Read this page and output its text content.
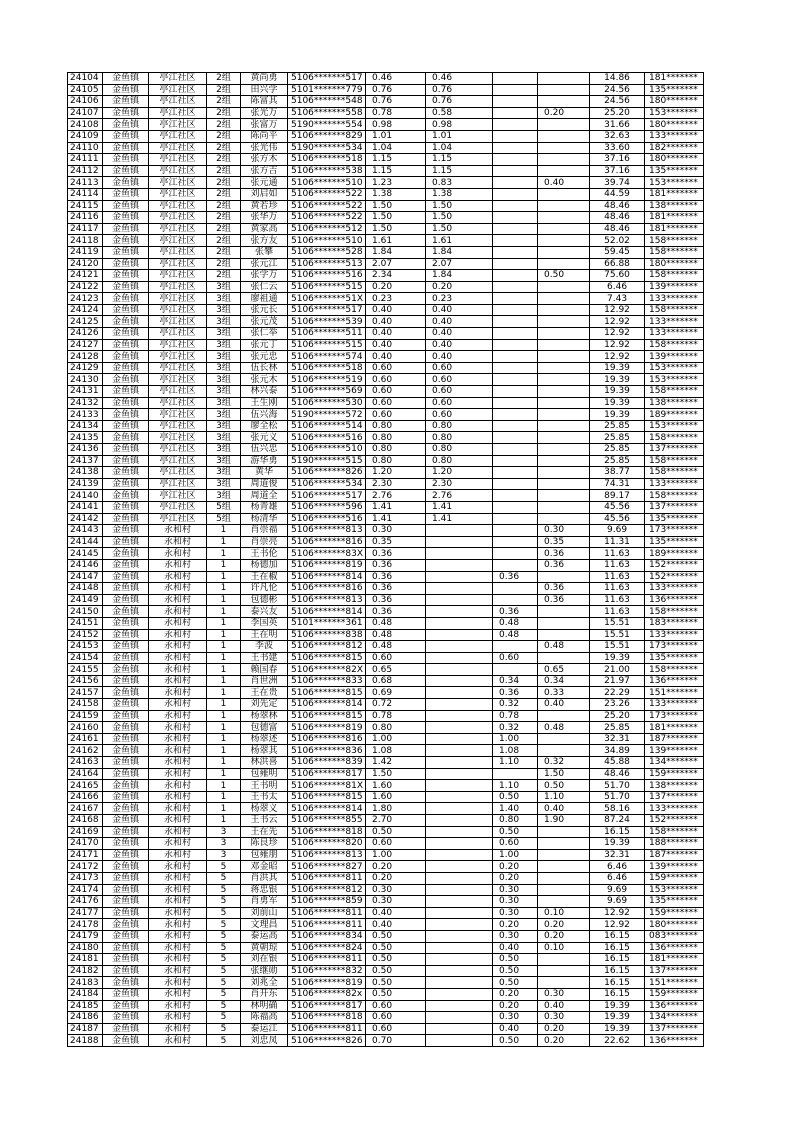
24104	金鱼镇	亭江社区	2组	黄尚勇	5106*******517	0.46	0.46			14.86	181*******
24105	金鱼镇	亭江社区	2组	田兴学	5101*******779	0.76	0.76			24.56	135*******
24106	金鱼镇	亭江社区	2组	陈富其	5106*******548	0.76	0.76			24.56	180*******
24107	金鱼镇	亭江社区	2组	张光万	5106*******558	0.78	0.58		0.20	25.20	153*******
24108	金鱼镇	亭江社区	2组	张富万	5190*******554	0.98	0.98			31.66	180*******
24109	金鱼镇	亭江社区	2组	陈尚平	5106*******829	1.01	1.01			32.63	133*******
24110	金鱼镇	亭江社区	2组	张光伟	5190*******534	1.04	1.04			33.60	182*******
24111	金鱼镇	亭江社区	2组	张方木	5106*******518	1.15	1.15			37.16	180*******
24112	金鱼镇	亭江社区	2组	张方吉	5106*******538	1.15	1.15			37.16	135*******
24113	金鱼镇	亭江社区	2组	张元通	5106*******510	1.23	0.83		0.40	39.74	153*******
24114	金鱼镇	亭江社区	2组	刘启如	5106*******522	1.38	1.38			44.59	181*******
24115	金鱼镇	亭江社区	2组	黄若珍	5106*******522	1.50	1.50			48.46	138*******
24116	金鱼镇	亭江社区	2组	张华万	5106*******522	1.50	1.50			48.46	181*******
24117	金鱼镇	亭江社区	2组	黄家高	5106*******512	1.50	1.50			48.46	181*******
24118	金鱼镇	亭江社区	2组	张方友	5106*******510	1.61	1.61			52.02	158*******
24119	金鱼镇	亭江社区	2组	张攀	5106*******528	1.84	1.84			59.45	158*******
24120	金鱼镇	亭江社区	2组	张元江	5106*******513	2.07	2.07			66.88	180*******
24121	金鱼镇	亭江社区	2组	张学万	5106*******516	2.34	1.84		0.50	75.60	158*******
24122	金鱼镇	亭江社区	3组	张仁云	5106*******515	0.20	0.20			6.46	139*******
24123	金鱼镇	亭江社区	3组	廖祖通	5106*******51X	0.23	0.23			7.43	133*******
24124	金鱼镇	亭江社区	3组	张元长	5106*******517	0.40	0.40			12.92	158*******
24125	金鱼镇	亭江社区	3组	张元茂	5106*******539	0.40	0.40			12.92	133*******
24126	金鱼镇	亭江社区	3组	张仁举	5106*******511	0.40	0.40			12.92	133*******
24127	金鱼镇	亭江社区	3组	张元丁	5106*******515	0.40	0.40			12.92	158*******
24128	金鱼镇	亭江社区	3组	张元忠	5106*******574	0.40	0.40			12.92	139*******
24129	金鱼镇	亭江社区	3组	伍长林	5106*******518	0.60	0.60			19.39	153*******
24130	金鱼镇	亭江社区	3组	张元木	5106*******519	0.60	0.60			19.39	153*******
24131	金鱼镇	亭江社区	3组	林兴泰	5106*******569	0.60	0.60			19.39	158*******
24132	金鱼镇	亭江社区	3组	王生刚	5106*******530	0.60	0.60			19.39	138*******
24133	金鱼镇	亭江社区	3组	伍兴海	5190*******572	0.60	0.60			19.39	189*******
24134	金鱼镇	亭江社区	3组	廖全松	5106*******514	0.80	0.80			25.85	153*******
24135	金鱼镇	亭江社区	3组	张元义	5106*******516	0.80	0.80			25.85	158*******
24136	金鱼镇	亭江社区	3组	伍兴忠	5106*******510	0.80	0.80			25.85	137*******
24137	金鱼镇	亭江社区	3组	游华勇	5190*******515	0.80	0.80			25.85	158*******
24138	金鱼镇	亭江社区	3组	黄华	5106*******826	1.20	1.20			38.77	158*******
24139	金鱼镇	亭江社区	3组	周道俊	5106*******534	2.30	2.30			74.31	133*******
24140	金鱼镇	亭江社区	3组	周道全	5106*******517	2.76	2.76			89.17	158*******
24141	金鱼镇	亭江社区	5组	杨青雄	5106*******596	1.41	1.41			45.56	137*******
24142	金鱼镇	亭江社区	5组	杨清华	5106*******516	1.41	1.41			45.56	135*******
24143	金鱼镇	永和村	1	肖崇福	5106*******813	0.30			0.30	9.69	173*******
24144	金鱼镇	永和村	1	肖崇亮	5106*******816	0.35			0.35	11.31	135*******
24145	金鱼镇	永和村	1	王书伦	5106*******83X	0.36			0.36	11.63	189*******
24146	金鱼镇	永和村	1	杨德加	5106*******819	0.36			0.36	11.63	152*******
24147	金鱼镇	永和村	1	王在椒	5106*******814	0.36		0.36		11.63	152*******
24148	金鱼镇	永和村	1	许凡伦	5106*******816	0.36			0.36	11.63	133*******
24149	金鱼镇	永和村	1	包德彬	5106*******813	0.36			0.36	11.63	136*******
24150	金鱼镇	永和村	1	泰兴友	5106*******814	0.36		0.36		11.63	158*******
24151	金鱼镇	永和村	1	李国英	5101*******361	0.48		0.48		15.51	183*******
24152	金鱼镇	永和村	1	王在明	5106*******838	0.48		0.48		15.51	133*******
24153	金鱼镇	永和村	1	李波	5106*******812	0.48			0.48	15.51	173*******
24154	金鱼镇	永和村	1	王书建	5106*******815	0.60		0.60		19.39	135*******
24155	金鱼镇	永和村	1	赖国春	5106*******82X	0.65			0.65	21.00	158*******
24156	金鱼镇	永和村	1	肖世洲	5106*******833	0.68		0.34	0.34	21.97	136*******
24157	金鱼镇	永和村	1	王在贵	5106*******815	0.69		0.36	0.33	22.29	151*******
24158	金鱼镇	永和村	1	刘先定	5106*******814	0.72		0.32	0.40	23.26	133*******
24159	金鱼镇	永和村	1	杨翠林	5106*******815	0.78		0.78		25.20	173*******
24160	金鱼镇	永和村	1	包德富	5106*******819	0.80		0.32	0.48	25.85	181*******
24161	金鱼镇	永和村	1	杨翠述	5106*******816	1.00		1.00		32.31	187*******
24162	金鱼镇	永和村	1	杨翠其	5106*******836	1.08		1.08		34.89	139*******
24163	金鱼镇	永和村	1	林洪喜	5106*******839	1.42		1.10	0.32	45.88	134*******
24164	金鱼镇	永和村	1	包雍明	5106*******817	1.50			1.50	48.46	159*******
24165	金鱼镇	永和村	1	王书明	5106*******81X	1.60		1.10	0.50	51.70	138*******
24166	金鱼镇	永和村	1	王书太	5106*******815	1.60		0.50	1.10	51.70	137*******
24167	金鱼镇	永和村	1	杨翠义	5106*******814	1.80		1.40	0.40	58.16	133*******
24168	金鱼镇	永和村	1	王书云	5106*******855	2.70		0.80	1.90	87.24	152*******
24169	金鱼镇	永和村	3	王在先	5106*******818	0.50		0.50		16.15	158*******
24170	金鱼镇	永和村	3	陈良珍	5106*******820	0.60		0.60		19.39	188*******
24171	金鱼镇	永和村	3	包雍朋	5106*******813	1.00		1.00		32.31	187*******
24172	金鱼镇	永和村	5	邓金昭	5106*******827	0.20		0.20		6.46	139*******
24173	金鱼镇	永和村	5	肖洪其	5106*******811	0.20		0.20		6.46	159*******
24174	金鱼镇	永和村	5	蒋忠银	5106*******812	0.30		0.30		9.69	153*******
24176	金鱼镇	永和村	5	肖勇军	5106*******859	0.30		0.30		9.69	135*******
24177	金鱼镇	永和村	5	刘前山	5106*******811	0.40		0.30	0.10	12.92	159*******
24178	金鱼镇	永和村	5	文理昌	5106*******811	0.40		0.20	0.20	12.92	180*******
24179	金鱼镇	永和村	5	泰运高	5106*******834	0.50		0.30	0.20	16.15	083*******
24180	金鱼镇	永和村	5	黄朝琼	5106*******824	0.50		0.40	0.10	16.15	136*******
24181	金鱼镇	永和村	5	刘在银	5106*******811	0.50		0.50		16.15	181*******
24182	金鱼镇	永和村	5	张继勋	5106*******832	0.50		0.50		16.15	137*******
24183	金鱼镇	永和村	5	刘兆全	5106*******819	0.50		0.50		16.15	151*******
24184	金鱼镇	永和村	5	肖开东	5106*******82x	0.50		0.20	0.30	16.15	159*******
24185	金鱼镇	永和村	5	林明确	5106*******817	0.60		0.20	0.40	19.39	136*******
24186	金鱼镇	永和村	5	陈福高	5106*******818	0.60		0.30	0.30	19.39	134*******
24187	金鱼镇	永和村	5	泰运江	5106*******811	0.60		0.40	0.20	19.39	137*******
24188	金鱼镇	永和村	5	刘忠凤	5106*******826	0.70		0.50	0.20	22.62	136*******
